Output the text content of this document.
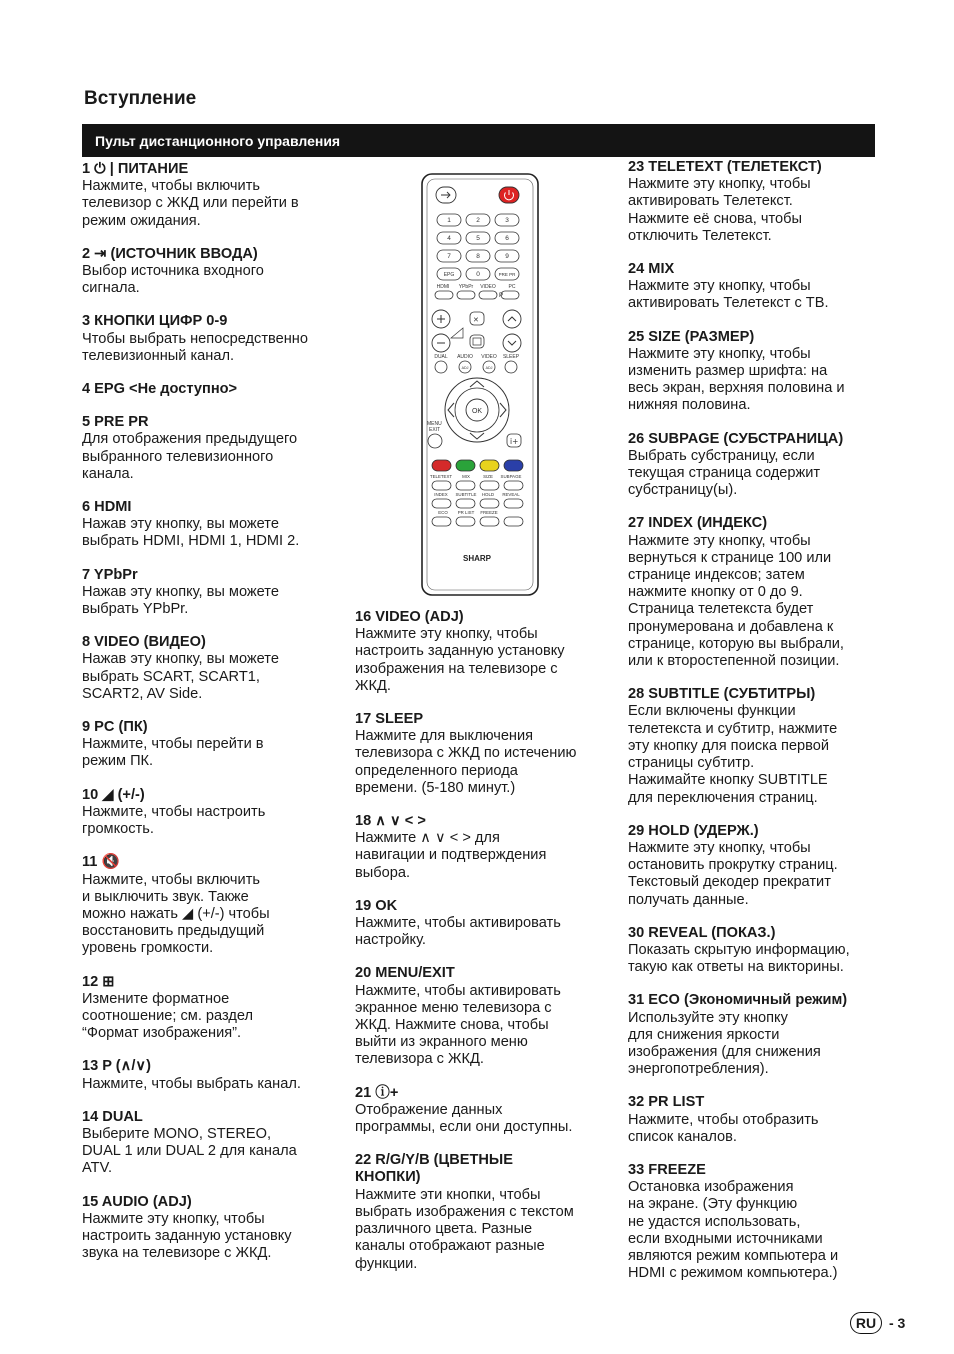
Вступление
Пульт дистанционного управления
1 ⏻ | ПИТАНИЕ
Нажмите, чтобы включить
телевизор с ЖКД или перейти в
режим ожидания.
2 ⇥ (ИСТОЧНИК ВВОДА)
Выбор источника входного
сигнала.
3 КНОПКИ ЦИФР 0-9
Чтобы выбрать непосредственно
телевизионный канал.
4 EPG <Не доступно>
5 PRE PR
Для отображения предыдущего
выбранного телевизионного
канала.
6 HDMI
Нажав эту кнопку, вы можете
выбрать HDMI, HDMI 1, HDMI 2.
7 YPbPr
Нажав эту кнопку, вы можете
выбрать YPbPr.
8 VIDEO (ВИДЕО)
Нажав эту кнопку, вы можете
выбрать SCART, SCART1,
SCART2, AV Side.
9 PC (ПК)
Нажмите, чтобы перейти в
режим ПК.
10 ◢ (+/-)
Нажмите, чтобы настроить
громкость.
11 🔇
Нажмите, чтобы включить
и выключить звук. Также
можно нажать ◢ (+/-) чтобы
восстановить предыдущий
уровень громкости.
12 ⊞
Измените форматное
соотношение; см. раздел
“Формат изображения”.
13 P (∧/∨)
Нажмите, чтобы выбрать канал.
14 DUAL
Выберите MONO, STEREO,
DUAL 1 или DUAL 2 для канала
ATV.
15 AUDIO (ADJ)
Нажмите эту кнопку, чтобы
настроить заданную установку
звука на телевизоре с ЖКД.
16 VIDEO (ADJ)
Нажмите эту кнопку, чтобы
настроить заданную установку
изображения на телевизоре с
ЖКД.
17 SLEEP
Нажмите для выключения
телевизора с ЖКД по истечению
определенного периода
времени. (5-180 минут.)
18 ∧ ∨ < >
Нажмите ∧ ∨ < > для
навигации и подтверждения
выбора.
19 OK
Нажмите, чтобы активировать
настройку.
20 MENU/EXIT
Нажмите, чтобы активировать
экранное меню телевизора с
ЖКД. Нажмите снова, чтобы
выйти из экранного меню
телевизора с ЖКД.
21 ⓘ+
Отображение данных
программы, если они доступны.
22 R/G/Y/B (ЦВЕТНЫЕ
КНОПКИ)
Нажмите эти кнопки, чтобы
выбрать изображения с текстом
различного цвета. Разные
каналы отображают разные
функции.
23 TELETEXT (ТЕЛЕТЕКСТ)
Нажмите эту кнопку, чтобы
активировать Телетекст.
Нажмите её снова, чтобы
отключить Телетекст.
24 MIX
Нажмите эту кнопку, чтобы
активировать Телетекст с ТВ.
25 SIZE (РАЗМЕР)
Нажмите эту кнопку, чтобы
изменить размер шрифта: на
весь экран, верхняя половина и
нижняя половина.
26 SUBPAGE (СУБСТРАНИЦА)
Выбрать субстраницу, если
текущая страница содержит
субстраницу(ы).
27 INDEX (ИНДЕКС)
Нажмите эту кнопку, чтобы
вернуться к странице 100 или
странице индексов; затем
нажмите кнопку от 0 до 9.
Страница телетекста будет
пронумерована и добавлена к
странице, которую вы выбрали,
или к второстепенной позиции.
28 SUBTITLE (СУБТИТРЫ)
Если включены функции
телетекста и субтитр, нажмите
эту кнопку для поиска первой
страницы субтитр.
Нажимайте кнопку SUBTITLE
для переключения страниц.
29 HOLD (УДЕРЖ.)
Нажмите эту кнопку, чтобы
остановить прокрутку страниц.
Текстовый декодер прекратит
получать данные.
30 REVEAL (ПОКАЗ.)
Показать скрытую информацию,
такую как ответы на викторины.
31 ECO (Экономичный режим)
Используйте эту кнопку
для снижения яркости
изображения (для снижения
энергопотребления).
32 PR LIST
Нажмите, чтобы отобразить
список каналов.
33 FREEZE
Остановка изображения
на экране. (Эту функцию
не удастся использовать,
если входными источниками
являются режим компьютера и
HDMI с режимом компьютера.)
1	2	3
4	5	6
7	8	9
EPG	0	PRE PR
HDMI YPbPr VIDEO	PC
P
✕
DUAL AUDIO VIDEO SLEEP
ADJ	ADJ
OK
MENU
EXIT
i+
TELETEXT MIX	SIZE SUBPAGE
INDEX SUBTITLE HOLD REVEAL
ECO PR LIST FREEZE
SHARP
RU - 3
